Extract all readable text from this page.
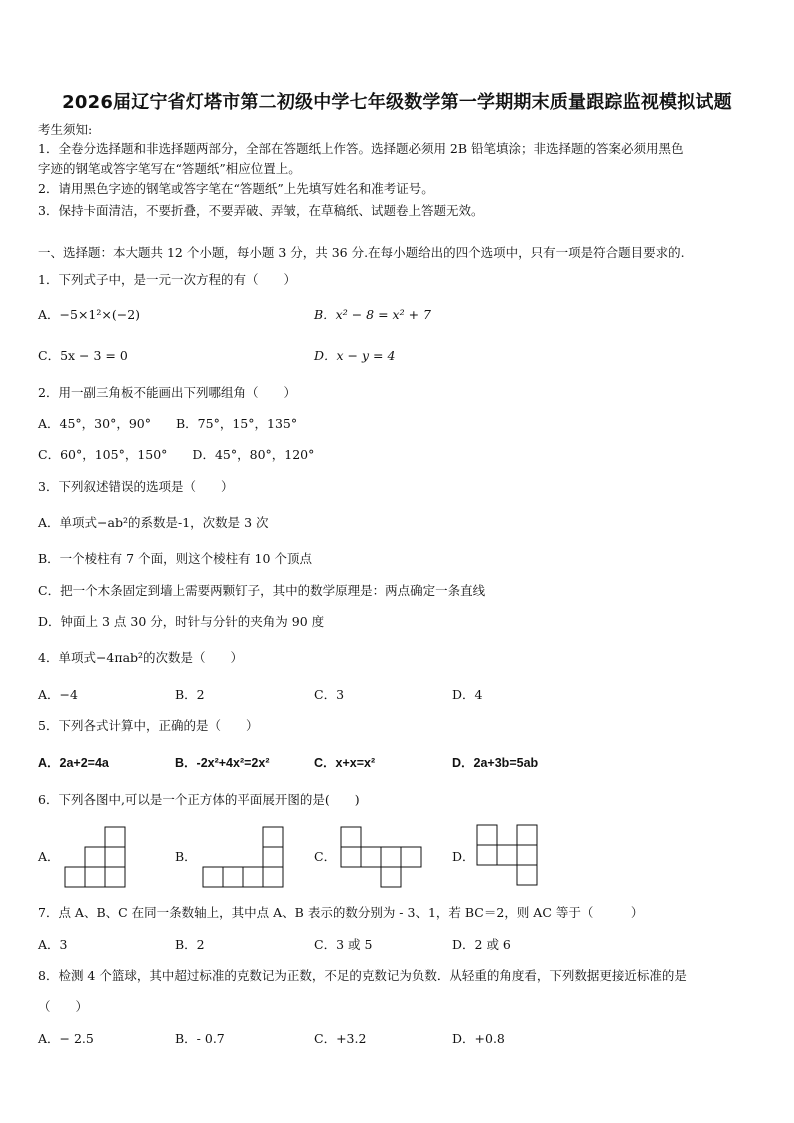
2026届辽宁省灯塔市第二初级中学七年级数学第一学期期末质量跟踪监视模拟试题
考生须知:
1．全卷分选择题和非选择题两部分，全部在答题纸上作答。选择题必须用 2B 铅笔填涂；非选择题的答案必须用黑色
字迹的钢笔或答字笔写在“答题纸”相应位置上。
2．请用黑色字迹的钢笔或答字笔在“答题纸”上先填写姓名和准考证号。
3．保持卡面清洁，不要折叠，不要弄破、弄皱，在草稿纸、试题卷上答题无效。
一、选择题：本大题共 12 个小题，每小题 3 分，共 36 分.在每小题给出的四个选项中，只有一项是符合题目要求的.
1．下列式子中，是一元一次方程的有（　　）
A．−5×1²×(−2)	B．x² − 8 = x² + 7
C．5x − 3 = 0	D．x − y = 4
2．用一副三角板不能画出下列哪组角（　　）
A．45°，30°，90°　　B．75°，15°，135°
C．60°，105°，150°　　D．45°，80°，120°
3．下列叙述错误的选项是（　　）
A．单项式−ab²的系数是-1，次数是 3 次
B．一个棱柱有 7 个面，则这个棱柱有 10 个顶点
C．把一个木条固定到墙上需要两颗钉子，其中的数学原理是：两点确定一条直线
D．钟面上 3 点 30 分，时针与分针的夹角为 90 度
4．单项式−4πab²的次数是（　　）
A．−4	B．2	C．3	D．4
5．下列各式计算中，正确的是（　　）
A．2a+2=4a	B．-2x²+4x²=2x²	C．x+x=x²	D．2a+3b=5ab
6．下列各图中,可以是一个正方体的平面展开图的是(　　)
A．	B．	C．	D．
7．点 A、B、C 在同一条数轴上，其中点 A、B 表示的数分别为 - 3、1，若 BC＝2，则 AC 等于（　　　）
A．3	B．2	C．3 或 5	D．2 或 6
8．检测 4 个篮球，其中超过标准的克数记为正数，不足的克数记为负数．从轻重的角度看，下列数据更接近标准的是
（　　）
A．− 2.5	B．- 0.7	C．+3.2	D．+0.8
